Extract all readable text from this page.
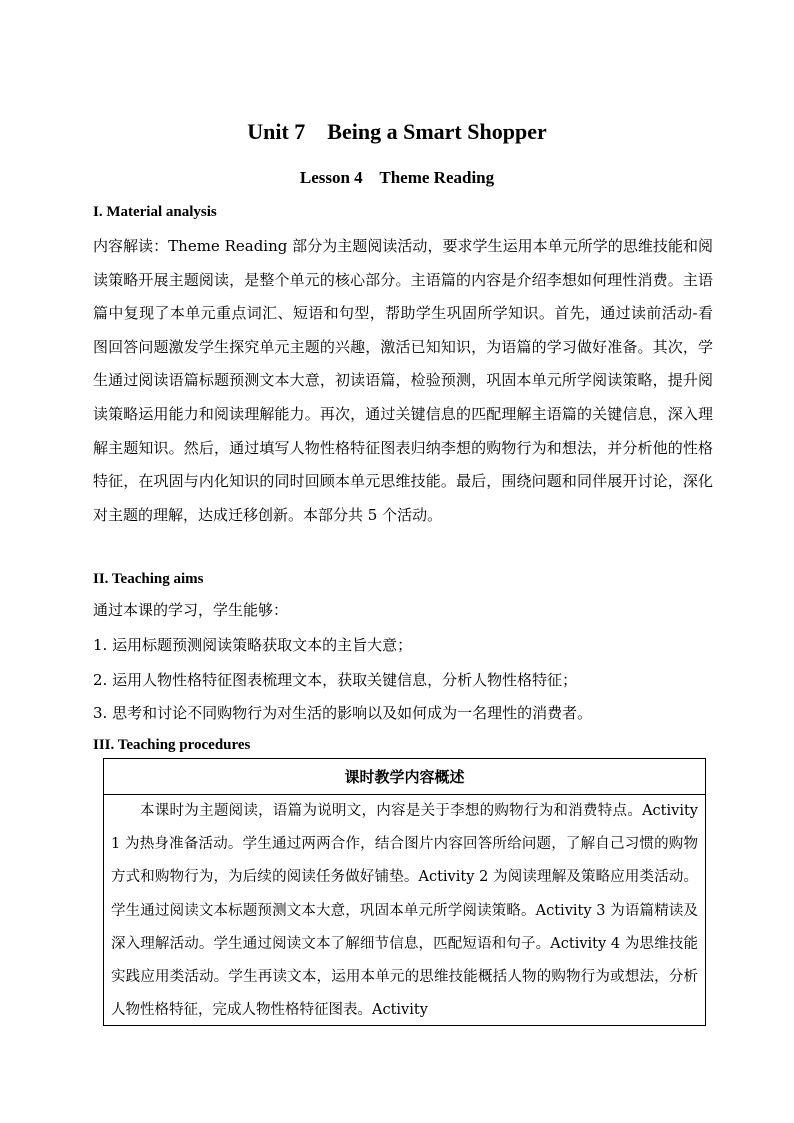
Unit 7    Being a Smart Shopper
Lesson 4    Theme Reading
I. Material analysis
内容解读：Theme Reading 部分为主题阅读活动，要求学生运用本单元所学的思维技能和阅读策略开展主题阅读，是整个单元的核心部分。主语篇的内容是介绍李想如何理性消费。主语篇中复现了本单元重点词汇、短语和句型，帮助学生巩固所学知识。首先，通过读前活动-看图回答问题激发学生探究单元主题的兴趣，激活已知知识，为语篇的学习做好准备。其次，学生通过阅读语篇标题预测文本大意，初读语篇，检验预测，巩固本单元所学阅读策略，提升阅读策略运用能力和阅读理解能力。再次，通过关键信息的匹配理解主语篇的关键信息，深入理解主题知识。然后，通过填写人物性格特征图表归纳李想的购物行为和想法，并分析他的性格特征，在巩固与内化知识的同时回顾本单元思维技能。最后，围绕问题和同伴展开讨论，深化对主题的理解，达成迁移创新。本部分共 5 个活动。
II. Teaching aims
通过本课的学习，学生能够：
1. 运用标题预测阅读策略获取文本的主旨大意；
2. 运用人物性格特征图表梳理文本，获取关键信息，分析人物性格特征；
3. 思考和讨论不同购物行为对生活的影响以及如何成为一名理性的消费者。
III. Teaching procedures
课时教学内容概述
本课时为主题阅读，语篇为说明文，内容是关于李想的购物行为和消费特点。Activity 1 为热身准备活动。学生通过两两合作，结合图片内容回答所给问题，了解自己习惯的购物方式和购物行为，为后续的阅读任务做好铺垫。Activity 2 为阅读理解及策略应用类活动。学生通过阅读文本标题预测文本大意，巩固本单元所学阅读策略。Activity 3 为语篇精读及深入理解活动。学生通过阅读文本了解细节信息，匹配短语和句子。Activity 4 为思维技能实践应用类活动。学生再读文本，运用本单元的思维技能概括人物的购物行为或想法，分析人物性格特征，完成人物性格特征图表。Activity
